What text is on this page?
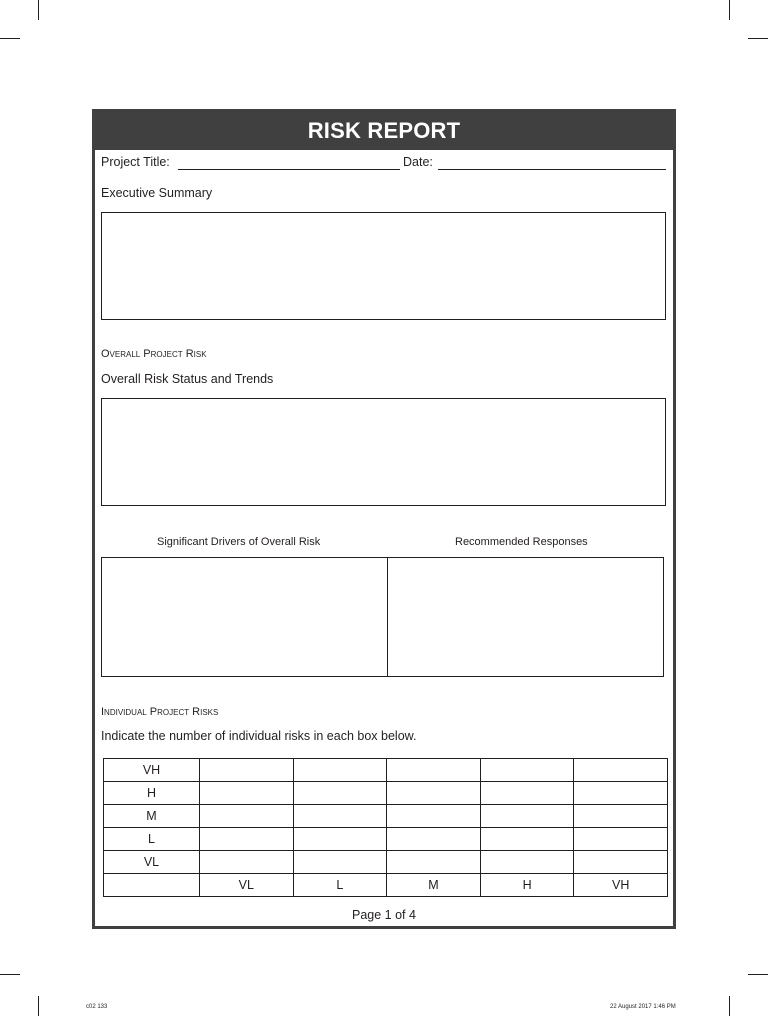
RISK REPORT
Project Title:	Date:
Executive Summary
Overall Project Risk
Overall Risk Status and Trends
Significant Drivers of Overall Risk	Recommended Responses
Individual Project Risks
Indicate the number of individual risks in each box below.
VH					
H					
M					
L					
VL					
	VL	L	M	H	VH
Page 1 of 4
c02 133	22 August 2017 1:46 PM
